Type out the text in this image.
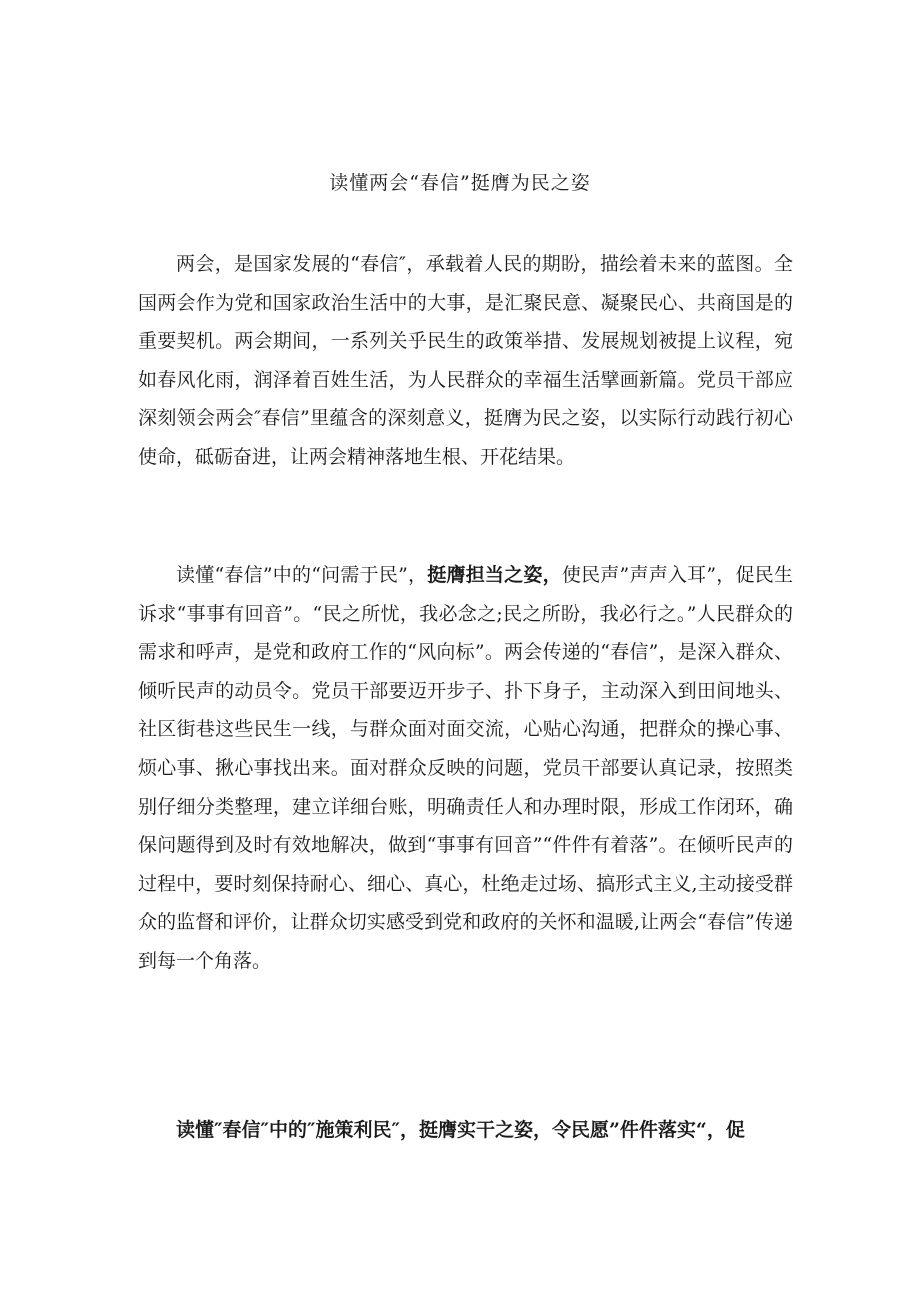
读懂两会“春信”挺膺为民之姿

两会，是国家发展的“春信″，承载着人民的期盼，描绘着未来的蓝图。全国两会作为党和国家政治生活中的大事，是汇聚民意、凝聚民心、共商国是的重要契机。两会期间，一系列关乎民生的政策举措、发展规划被提上议程，宛如春风化雨，润泽着百姓生活，为人民群众的幸福生活擘画新篇。党员干部应深刻领会两会″春信”里蕴含的深刻意义，挺膺为民之姿，以实际行动践行初心使命，砥砺奋进，让两会精神落地生根、开花结果。

读懂“春信”中的“问需于民”，挺膺担当之姿，使民声”声声入耳”，促民生诉求“事事有回音”。“民之所忧，我必念之;民之所盼，我必行之。”人民群众的需求和呼声，是党和政府工作的“风向标”。两会传递的“春信”，是深入群众、倾听民声的动员令。党员干部要迈开步子、扑下身子，主动深入到田间地头、社区街巷这些民生一线，与群众面对面交流，心贴心沟通，把群众的操心事、烦心事、揪心事找出来。面对群众反映的问题，党员干部要认真记录，按照类别仔细分类整理，建立详细台账，明确责任人和办理时限，形成工作闭环，确保问题得到及时有效地解决，做到“事事有回音”“件件有着落”。在倾听民声的过程中，要时刻保持耐心、细心、真心，杜绝走过场、搞形式主义,主动接受群众的监督和评价，让群众切实感受到党和政府的关怀和温暖,让两会“春信”传递到每一个角落。

读懂″春信″中的″施策利民″，挺膺实干之姿，令民愿”件件落实“，促
